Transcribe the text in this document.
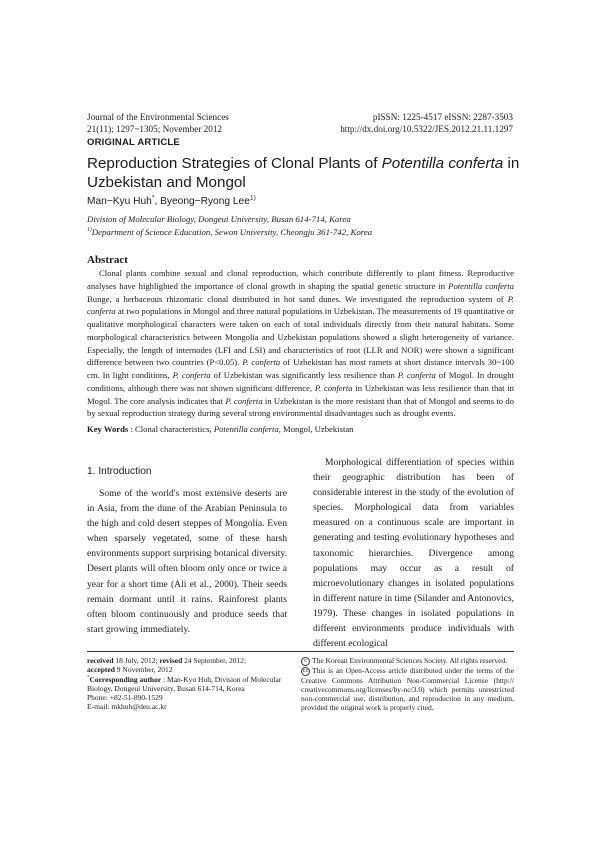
Journal of the Environmental Sciences
21(11); 1297~1305; November 2012
pISSN: 1225-4517 eISSN: 2287-3503
http://dx.doi.org/10.5322/JES.2012.21.11.1297
ORIGINAL ARTICLE
Reproduction Strategies of Clonal Plants of Potentilla conferta in
Uzbekistan and Mongol
Man−Kyu Huh*, Byeong−Ryong Lee$^{1)}$
Division of Molecular Biology, Dongeui University, Busan 614-714, Korea
$^{1)}$Department of Science Education, Sewon University, Cheongju 361-742, Korea
Abstract

Clonal plants combine sexual and clonal reproduction, which contribute differently to plant fitness. Reproductive analyses have highlighted the importance of clonal growth in shaping the spatial genetic structure in Potentilla conferta Bunge, a herbaceous rhizomatic clonal distributed in hot sand dunes. We investigated the reproduction system of P. conferta at two populations in Mongol and three natural populations in Uzbekistan. The measurements of 19 quantitative or qualitative morphological characters were taken on each of total individuals directly from their natural habitats. Some morphological characteristics between Mongolia and Uzbekistan populations showed a slight heterogeneity of variance. Especially, the length of internodes (LFI and LSI) and characteristics of root (LLR and NOR) were shown a significant difference between two countries (P<0.05). P. conferta of Uzbekistan has most ramets at short distance intervals 30~100 cm. In light conditions, P. conferta of Uzbekistan was significantly less resilience than P. conferta of Mogol. In drought conditions, although there was not shown significant difference, P. conferta in Uzbekistan was less resilience than that in Mogol. The core analysis indicates that P. conferta in Uzbekistan is the more resistant than that of Mongol and seems to do by sexual reproduction strategy during several strong environmental disadvantages such as drought events.

Key Words : Clonal characteristics, Potentilla conferta, Mongol, Uzbekistan
1. Introduction

Some of the world's most extensive deserts are in Asia, from the dune of the Arabian Peninsula to the high and cold desert steppes of Mongolia. Even when sparsely vegetated, some of these harsh environments support surprising botanical diversity. Desert plants will often bloom only once or twice a year for a short time (Ali et al., 2000). Their seeds remain dormant until it rains. Rainforest plants often bloom continuously and produce seeds that start growing immediately.

Morphological differentiation of species within their geographic distribution has been of considerable interest in the study of the evolution of species. Morphological data from variables measured on a continuous scale are important in generating and testing evolutionary hypotheses and taxonomic hierarchies. Divergence among populations may occur as a result of microevolutionary changes in isolated populations in different nature in time (Silander and Antonovics, 1979). These changes in isolated populations in different environments produce individuals with different ecological

received 18 July, 2012; revised 24 September, 2012;
accepted 9 November, 2012
*Corresponding author : Man-Kyu Huh, Division of Molecular Biology, Dongeui University, Busan 614-714, Korea
Phone: +82-51-890-1529
E-mail: mkhuh@deu.ac.kr
c The Korean Environmental Sciences Society. All rights reserved.
cc This is an Open-Access article distributed under the terms of the Creative Commons Attribution Non-Commercial License (http:// creativecommons.org/licenses/by-nc/3.0) which permits unrestricted non-commercial use, distribution, and reproduction in any medium, provided the original work is properly cited.
